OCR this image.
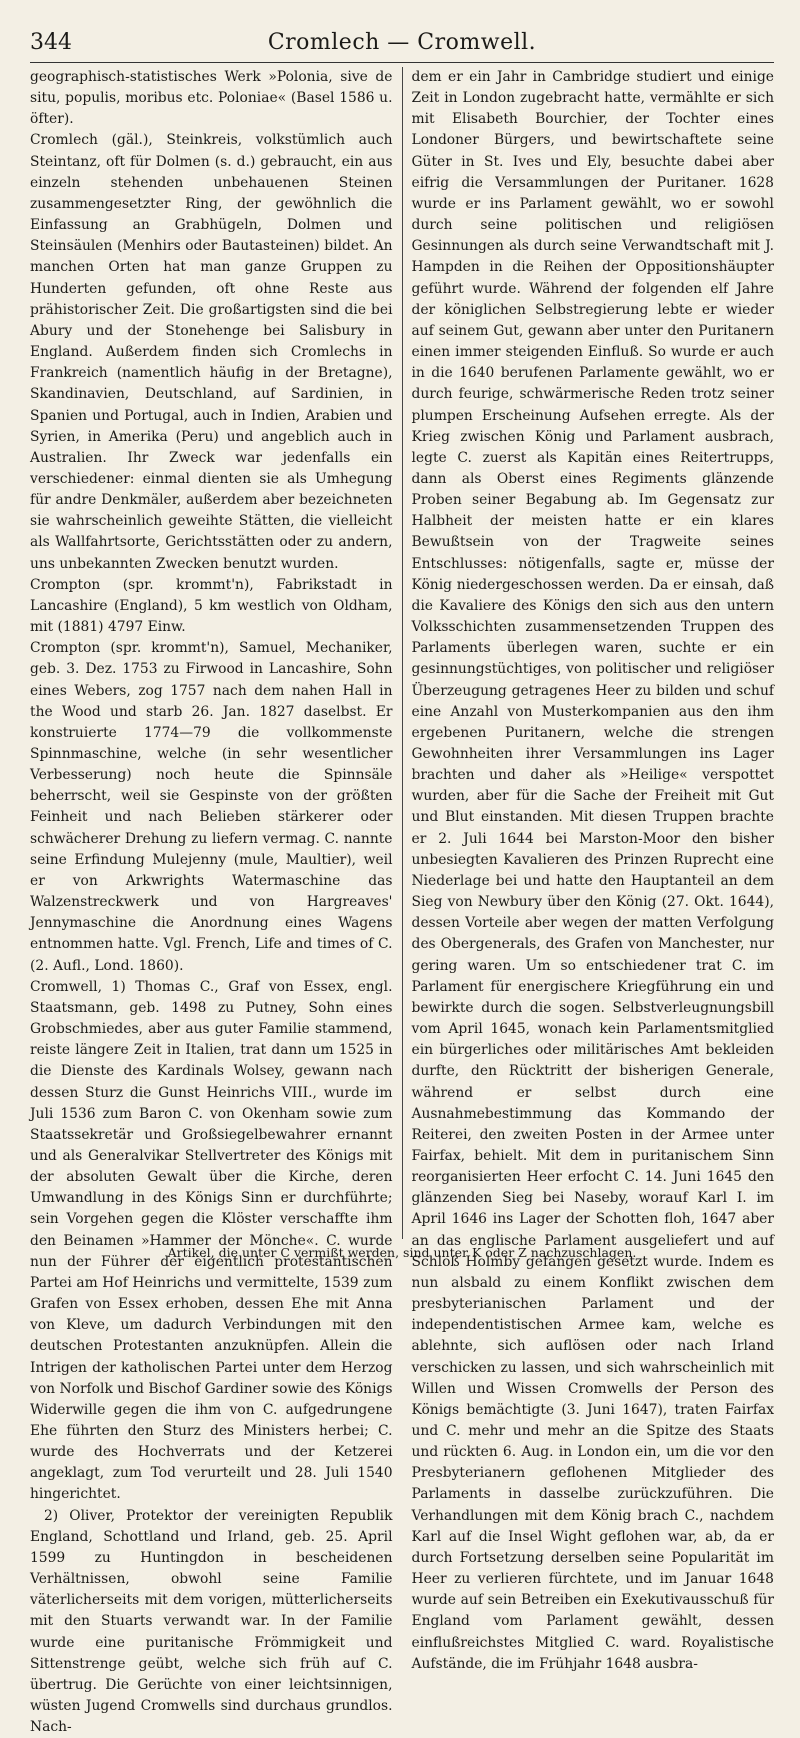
344	Cromlech — Cromwell.

geographisch-statistisches Werk »Polonia, sive de situ, populis, moribus etc. Poloniae« (Basel 1586 u. öfter).

Cromlech (gäl.), Steinkreis, volkstümlich auch Steintanz, oft für Dolmen (s. d.) gebraucht, ein aus einzeln stehenden unbehauenen Steinen zusammengesetzter Ring, der gewöhnlich die Einfassung an Grabhügeln, Dolmen und Steinsäulen (Menhirs oder Bautasteinen) bildet. An manchen Orten hat man ganze Gruppen zu Hunderten gefunden, oft ohne Reste aus prähistorischer Zeit. Die großartigsten sind die bei Abury und der Stonehenge bei Salisbury in England. Außerdem finden sich Cromlechs in Frankreich (namentlich häufig in der Bretagne), Skandinavien, Deutschland, auf Sardinien, in Spanien und Portugal, auch in Indien, Arabien und Syrien, in Amerika (Peru) und angeblich auch in Australien. Ihr Zweck war jedenfalls ein verschiedener: einmal dienten sie als Umhegung für andre Denkmäler, außerdem aber bezeichneten sie wahrscheinlich geweihte Stätten, die vielleicht als Wallfahrtsorte, Gerichtsstätten oder zu andern, uns unbekannten Zwecken benutzt wurden.

Crompton (spr. krommt'n), Fabrikstadt in Lancashire (England), 5 km westlich von Oldham, mit (1881) 4797 Einw.

Crompton (spr. krommt'n), Samuel, Mechaniker, geb. 3. Dez. 1753 zu Firwood in Lancashire, Sohn eines Webers, zog 1757 nach dem nahen Hall in the Wood und starb 26. Jan. 1827 daselbst. Er konstruierte 1774—79 die vollkommenste Spinnmaschine, welche (in sehr wesentlicher Verbesserung) noch heute die Spinnsäle beherrscht, weil sie Gespinste von der größten Feinheit und nach Belieben stärkerer oder schwächerer Drehung zu liefern vermag. C. nannte seine Erfindung Mulejenny (mule, Maultier), weil er von Arkwrights Watermaschine das Walzenstreckwerk und von Hargreaves' Jennymaschine die Anordnung eines Wagens entnommen hatte. Vgl. French, Life and times of C. (2. Aufl., Lond. 1860).

Cromwell, 1) Thomas C., Graf von Essex, engl. Staatsmann, geb. 1498 zu Putney, Sohn eines Grobschmiedes, aber aus guter Familie stammend, reiste längere Zeit in Italien, trat dann um 1525 in die Dienste des Kardinals Wolsey, gewann nach dessen Sturz die Gunst Heinrichs VIII., wurde im Juli 1536 zum Baron C. von Okenham sowie zum Staatssekretär und Großsiegelbewahrer ernannt und als Generalvikar Stellvertreter des Königs mit der absoluten Gewalt über die Kirche, deren Umwandlung in des Königs Sinn er durchführte; sein Vorgehen gegen die Klöster verschaffte ihm den Beinamen »Hammer der Mönche«. C. wurde nun der Führer der eigentlich protestantischen Partei am Hof Heinrichs und vermittelte, 1539 zum Grafen von Essex erhoben, dessen Ehe mit Anna von Kleve, um dadurch Verbindungen mit den deutschen Protestanten anzuknüpfen. Allein die Intrigen der katholischen Partei unter dem Herzog von Norfolk und Bischof Gardiner sowie des Königs Widerwille gegen die ihm von C. aufgedrungene Ehe führten den Sturz des Ministers herbei; C. wurde des Hochverrats und der Ketzerei angeklagt, zum Tod verurteilt und 28. Juli 1540 hingerichtet.

2) Oliver, Protektor der vereinigten Republik England, Schottland und Irland, geb. 25. April 1599 zu Huntingdon in bescheidenen Verhältnissen, obwohl seine Familie väterlicherseits mit dem vorigen, mütterlicherseits mit den Stuarts verwandt war. In der Familie wurde eine puritanische Frömmigkeit und Sittenstrenge geübt, welche sich früh auf C. übertrug. Die Gerüchte von einer leichtsinnigen, wüsten Jugend Cromwells sind durchaus grundlos. Nach-

dem er ein Jahr in Cambridge studiert und einige Zeit in London zugebracht hatte, vermählte er sich mit Elisabeth Bourchier, der Tochter eines Londoner Bürgers, und bewirtschaftete seine Güter in St. Ives und Ely, besuchte dabei aber eifrig die Versammlungen der Puritaner. 1628 wurde er ins Parlament gewählt, wo er sowohl durch seine politischen und religiösen Gesinnungen als durch seine Verwandtschaft mit J. Hampden in die Reihen der Oppositionshäupter geführt wurde. Während der folgenden elf Jahre der königlichen Selbstregierung lebte er wieder auf seinem Gut, gewann aber unter den Puritanern einen immer steigenden Einfluß. So wurde er auch in die 1640 berufenen Parlamente gewählt, wo er durch feurige, schwärmerische Reden trotz seiner plumpen Erscheinung Aufsehen erregte. Als der Krieg zwischen König und Parlament ausbrach, legte C. zuerst als Kapitän eines Reitertrupps, dann als Oberst eines Regiments glänzende Proben seiner Begabung ab. Im Gegensatz zur Halbheit der meisten hatte er ein klares Bewußtsein von der Tragweite seines Entschlusses: nötigenfalls, sagte er, müsse der König niedergeschossen werden. Da er einsah, daß die Kavaliere des Königs den sich aus den untern Volksschichten zusammensetzenden Truppen des Parlaments überlegen waren, suchte er ein gesinnungstüchtiges, von politischer und religiöser Überzeugung getragenes Heer zu bilden und schuf eine Anzahl von Musterkompanien aus den ihm ergebenen Puritanern, welche die strengen Gewohnheiten ihrer Versammlungen ins Lager brachten und daher als »Heilige« verspottet wurden, aber für die Sache der Freiheit mit Gut und Blut einstanden. Mit diesen Truppen brachte er 2. Juli 1644 bei Marston-Moor den bisher unbesiegten Kavalieren des Prinzen Ruprecht eine Niederlage bei und hatte den Hauptanteil an dem Sieg von Newbury über den König (27. Okt. 1644), dessen Vorteile aber wegen der matten Verfolgung des Obergenerals, des Grafen von Manchester, nur gering waren. Um so entschiedener trat C. im Parlament für energischere Kriegführung ein und bewirkte durch die sogen. Selbstverleugnungsbill vom April 1645, wonach kein Parlamentsmitglied ein bürgerliches oder militärisches Amt bekleiden durfte, den Rücktritt der bisherigen Generale, während er selbst durch eine Ausnahmebestimmung das Kommando der Reiterei, den zweiten Posten in der Armee unter Fairfax, behielt. Mit dem in puritanischem Sinn reorganisierten Heer erfocht C. 14. Juni 1645 den glänzenden Sieg bei Naseby, worauf Karl I. im April 1646 ins Lager der Schotten floh, 1647 aber an das englische Parlament ausgeliefert und auf Schloß Holmby gefangen gesetzt wurde. Indem es nun alsbald zu einem Konflikt zwischen dem presbyterianischen Parlament und der independentistischen Armee kam, welche es ablehnte, sich auflösen oder nach Irland verschicken zu lassen, und sich wahrscheinlich mit Willen und Wissen Cromwells der Person des Königs bemächtigte (3. Juni 1647), traten Fairfax und C. mehr und mehr an die Spitze des Staats und rückten 6. Aug. in London ein, um die vor den Presbyterianern geflohenen Mitglieder des Parlaments in dasselbe zurückzuführen. Die Verhandlungen mit dem König brach C., nachdem Karl auf die Insel Wight geflohen war, ab, da er durch Fortsetzung derselben seine Popularität im Heer zu verlieren fürchtete, und im Januar 1648 wurde auf sein Betreiben ein Exekutivausschuß für England vom Parlament gewählt, dessen einflußreichstes Mitglied C. ward. Royalistische Aufstände, die im Frühjahr 1648 ausbra-

Artikel, die unter C vermißt werden, sind unter K oder Z nachzuschlagen.
